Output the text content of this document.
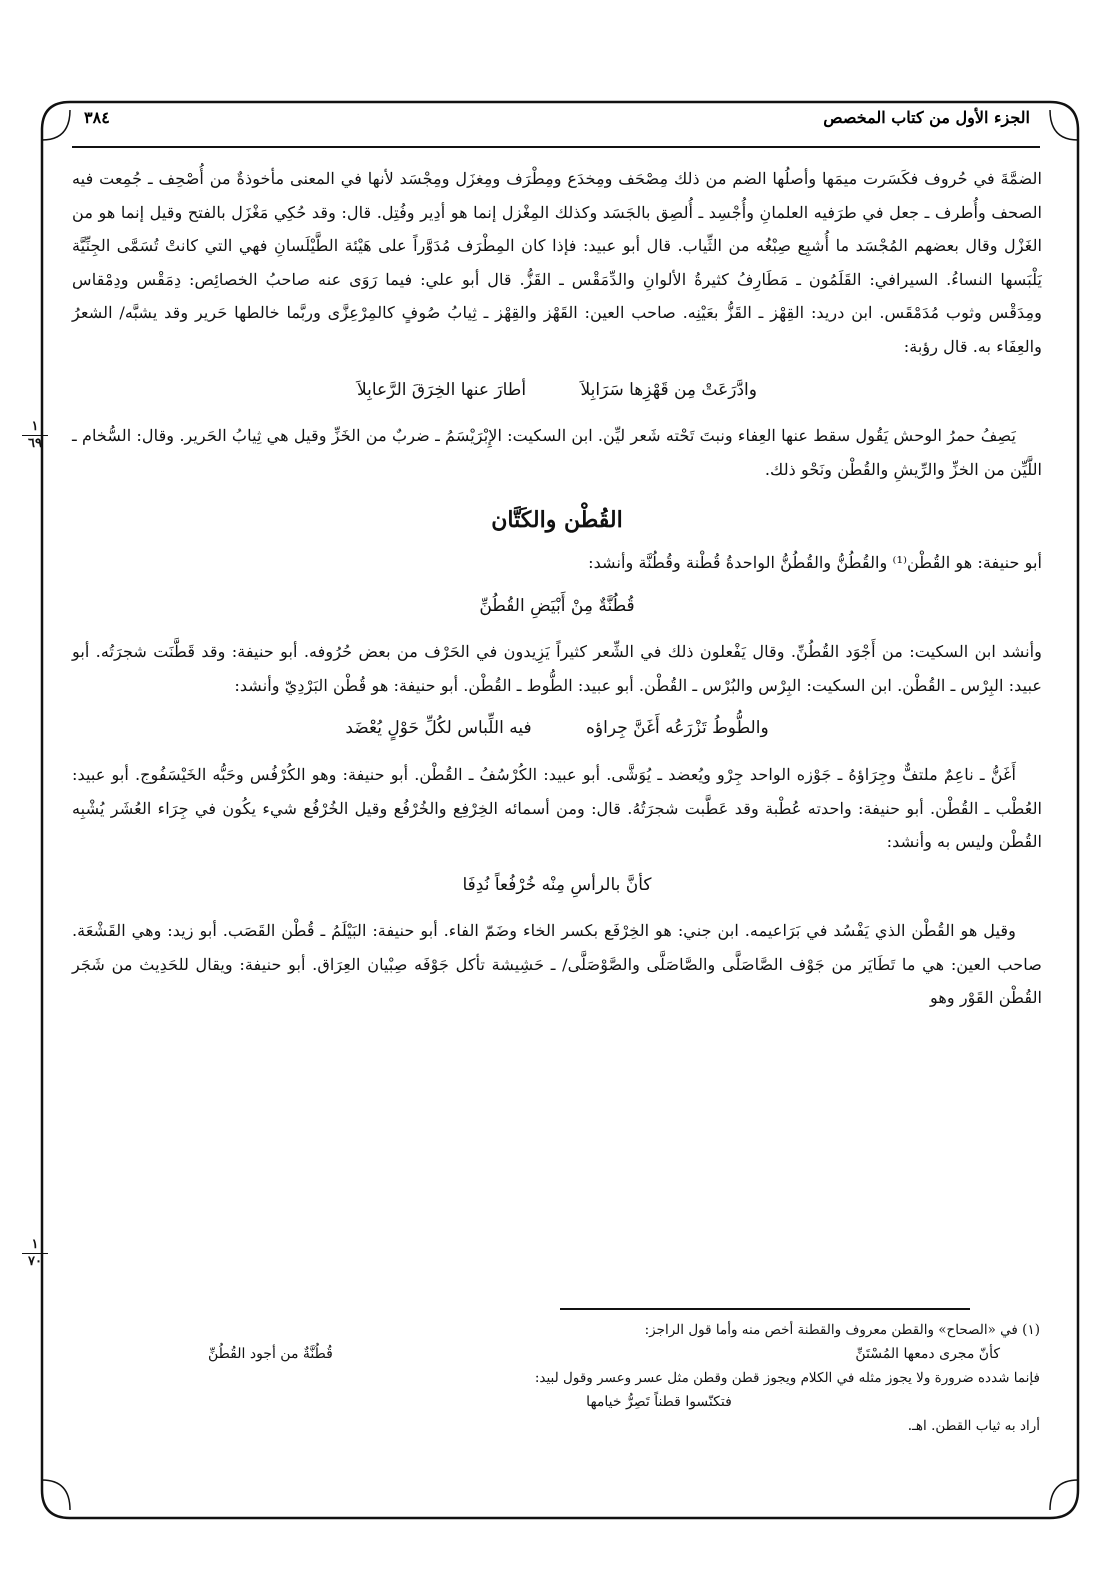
الجزء الأول من كتاب المخصص
٣٨٤

الضمَّةَ في حُروف فكَسَرت ميمَها وأصلُها الضم من ذلك مِصْحَف ومِخدَع ومِطْرَف ومِغزَل ومِجْسَد لأنها في المعنى مأخوذةٌ من أُصْحِف ـ جُمِعت فيه الصحف وأُطرف ـ جعل في طرَفيه العلمانِ وأُجْسِد ـ أُلصِق بالجَسَد وكذلك المِغْزل إنما هو أدِير وفُتِل. قال: وقد حُكِي مَغْزَل بالفتح وقيل إنما هو من الغَزْل وقال بعضهم المُجْسَد ما أُشبِع صِبْغُه من الثِّياب. قال أبو عبيد: فإذا كان المِطْرَف مُدَوَّراً على هَيْئة الطَّيْلَسانِ فهي التي كانتْ تُسَمَّى الجِنِّيَّة يَلْبَسها النساءُ. السيرافي: القَلَمُون ـ مَطَارِفُ كثيرةُ الألوانِ والدِّمَقْس ـ القَزُّ. قال أبو علي: فيما رَوَى عنه صاحبُ الخصائِص: دِمَقْس ودِمْقاس ومِدَقْس وثوب مُدَمْقَس. ابن دريد: القِهْز ـ القَزُّ بعَيْنِه. صاحب العين: القَهْز والقِهْز ـ ثِيابُ صُوفٍ كالمِرْعِزَّى وربَّما خالطها حَرير وقد يشبَّه/ الشعرُ والعِفَاء به. قال رؤبة:

وادَّرَعَتْ مِن قَهْزِها سَرَابِلاَ أطارَ عنها الخِرَقَ الرَّعابِلاَ

يَصِفُ حمرُ الوحش يَقُول سقط عنها العِفاء ونبتَ تَحْته شَعر ليِّن. ابن السكيت: الإِبْرَيْسَمُ ـ ضربٌ من الخَزِّ وقيل هي ثِيابُ الحَرير. وقال: السُّخام ـ اللَّيِّن من الخزِّ والرِّيشِ والقُطْن ونَحْو ذلك.

القُطْن والكَتَّان

أبو حنيفة: هو القُطْن⁽¹⁾ والقُطُنُّ والقُطُنُّ الواحدةُ قُطْنة وقُطُنَّة وأنشد:

قُطُنَّةٌ مِنْ أَبْيَضِ القُطُنِّ

وأنشد ابن السكيت: من أَجْوَد القُطُنِّ. وقال يَفْعلون ذلك في الشِّعر كثيراً يَزِيدون في الحَرْف من بعض حُرُوفه. أبو حنيفة: وقد قَطَّنَت شجرَتُه. أبو عبيد: البِرْس ـ القُطْن. ابن السكيت: البِرْس والبُرْس ـ القُطْن. أبو عبيد: الطُّوط ـ القُطْن. أبو حنيفة: هو قُطْن البَرْدِيّ وأنشد:

والطُّوطُ تَزْرَعُه أَغَنَّ جِراؤه فيه اللِّباس لكُلِّ حَوْلٍ يُعْضَد

أَغَنُّ ـ ناعِمٌ ملتفٌّ وجِرَاؤهُ ـ جَوْزه الواحد جِرْو ويُعضد ـ يُوَشَّى. أبو عبيد: الكُرْسُفُ ـ القُطْن. أبو حنيفة: وهو الكُرْفُس وحَبُّه الخَيْسَفُوج. أبو عبيد: العُطْب ـ القُطْن. أبو حنيفة: واحدته عُطْبة وقد عَطَّبت شجرَتُهُ. قال: ومن أسمائه الخِرْفِع والخُرْفُع وقيل الخُرْفُع شيء يكُون في جِرَاء العُشَر يُشْبِه القُطْن وليس به وأنشد:

كأنَّ بالرأسِ مِنْه خُرْفُعاً نُدِفَا

وقيل هو القُطْن الذي يَفْسُد في بَرَاعيمه. ابن جني: هو الخِرْفَع بكسر الخاء وضَمّ الفاء. أبو حنيفة: البَيْلَمُ ـ قُطْن القَصَب. أبو زيد: وهي القَشْعَة. صاحب العين: هي ما تَطَايَر من جَوْف الصَّاصَلَّى والصَّاصَلَّى والصَّوْصَلَّى/ ـ حَشِيشة تأكل جَوْفَه صِبْيان العِرَاق. أبو حنيفة: ويقال للحَدِيث من شَجَر القُطْن القَوْر وهو

١
٦٩
١
٧٠

(١) في «الصحاح» والقطن معروف والقطنة أخص منه وأما قول الراجز:

كأنّ مجرى دمعها المُسْتَنِّ
قُطُنَّةٌ من أجود القُطُنِّ

فإنما شدده ضرورة ولا يجوز مثله في الكلام ويجوز قطن وقطن مثل عسر وعسر وقول لبيد:

فتكنّسوا قطناً تَصِرُّ خيامها

أراد به ثياب القطن. اهـ.
